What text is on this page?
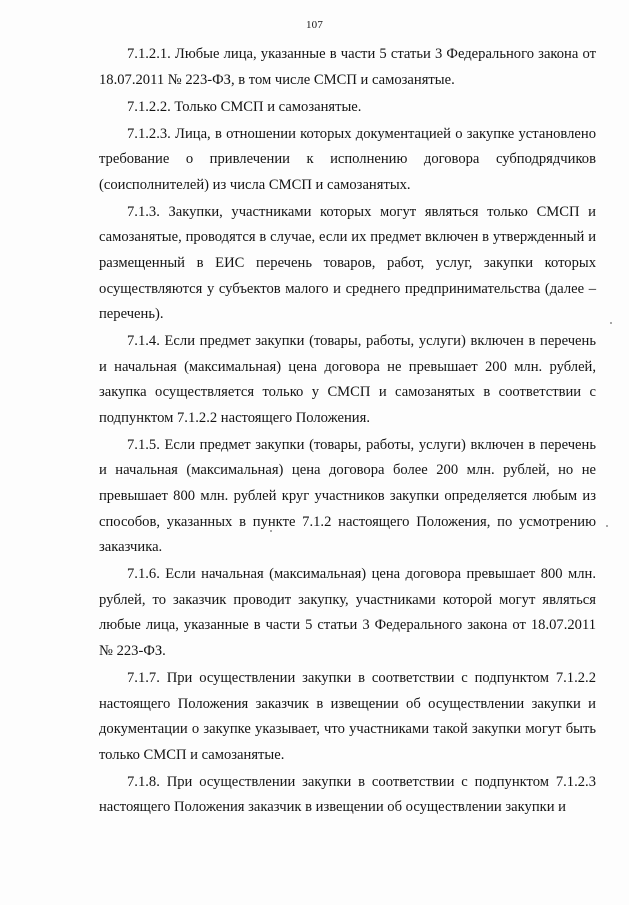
107

7.1.2.1. Любые лица, указанные в части 5 статьи 3 Федерального закона от 18.07.2011 № 223-ФЗ, в том числе СМСП и самозанятые.

7.1.2.2. Только СМСП и самозанятые.

7.1.2.3. Лица, в отношении которых документацией о закупке установлено требование о привлечении к исполнению договора субподрядчиков (соисполнителей) из числа СМСП и самозанятых.

7.1.3. Закупки, участниками которых могут являться только СМСП и самозанятые, проводятся в случае, если их предмет включен в утвержденный и размещенный в ЕИС перечень товаров, работ, услуг, закупки которых осуществляются у субъектов малого и среднего предпринимательства (далее – перечень).

7.1.4. Если предмет закупки (товары, работы, услуги) включен в перечень и начальная (максимальная) цена договора не превышает 200 млн. рублей, закупка осуществляется только у СМСП и самозанятых в соответствии с подпунктом 7.1.2.2 настоящего Положения.

7.1.5. Если предмет закупки (товары, работы, услуги) включен в перечень и начальная (максимальная) цена договора более 200 млн. рублей, но не превышает 800 млн. рублей круг участников закупки определяется любым из способов, указанных в пункте 7.1.2 настоящего Положения, по усмотрению заказчика.

7.1.6. Если начальная (максимальная) цена договора превышает 800 млн. рублей, то заказчик проводит закупку, участниками которой могут являться любые лица, указанные в части 5 статьи 3 Федерального закона от 18.07.2011 № 223-ФЗ.

7.1.7. При осуществлении закупки в соответствии с подпунктом 7.1.2.2 настоящего Положения заказчик в извещении об осуществлении закупки и документации о закупке указывает, что участниками такой закупки могут быть только СМСП и самозанятые.

7.1.8. При осуществлении закупки в соответствии с подпунктом 7.1.2.3 настоящего Положения заказчик в извещении об осуществлении закупки и
